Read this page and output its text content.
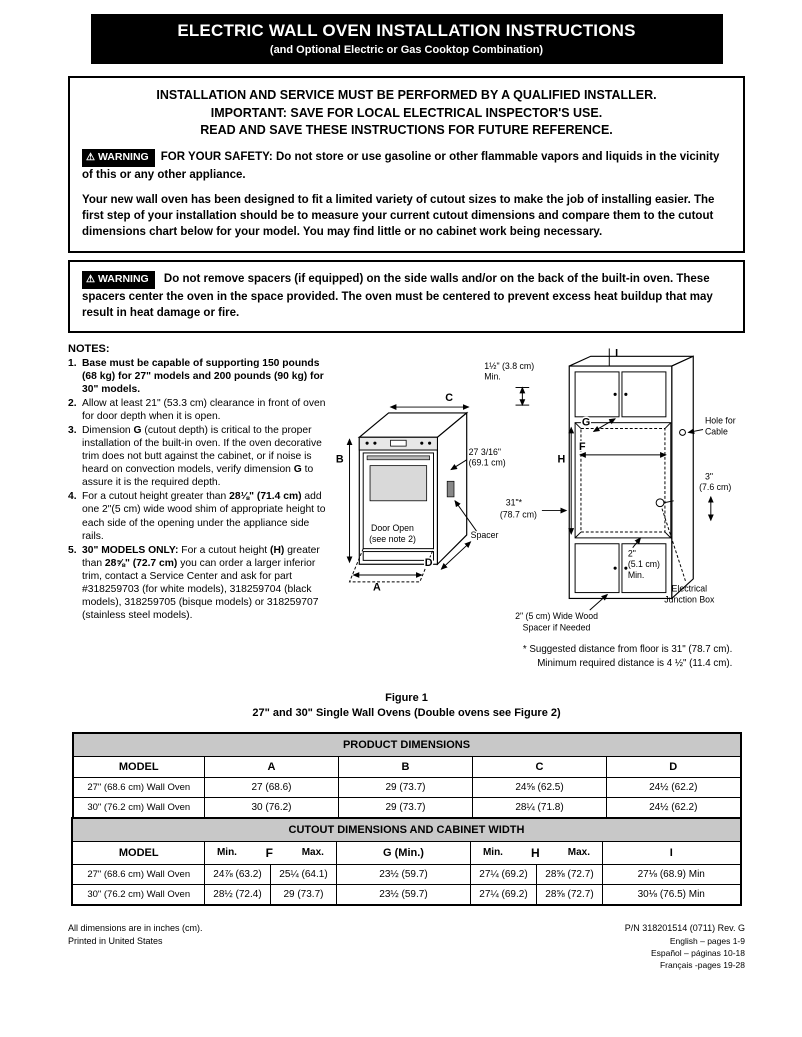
ELECTRIC WALL OVEN INSTALLATION INSTRUCTIONS
(and Optional Electric or Gas Cooktop Combination)
INSTALLATION AND SERVICE MUST BE PERFORMED BY A QUALIFIED INSTALLER.
IMPORTANT: SAVE FOR LOCAL ELECTRICAL INSPECTOR'S USE.
READ AND SAVE THESE INSTRUCTIONS FOR FUTURE REFERENCE.
⚠ WARNING FOR YOUR SAFETY: Do not store or use gasoline or other flammable vapors and liquids in the vicinity of this or any other appliance.
Your new wall oven has been designed to fit a limited variety of cutout sizes to make the job of installing easier. The first step of your installation should be to measure your current cutout dimensions and compare them to the cutout dimensions chart below for your model. You may find little or no cabinet work being necessary.
⚠ WARNING Do not remove spacers (if equipped) on the side walls and/or on the back of the built-in oven. These spacers center the oven in the space provided. The oven must be centered to prevent excess heat buildup that may result in heat damage or fire.
NOTES:
1. Base must be capable of supporting 150 pounds (68 kg) for 27" models and 200 pounds (90 kg) for 30" models.
2. Allow at least 21" (53.3 cm) clearance in front of oven for door depth when it is open.
3. Dimension G (cutout depth) is critical to the proper installation of the built-in oven. If the oven decorative trim does not butt against the cabinet, or if noise is heard on convection models, verify dimension G to assure it is the required depth.
4. For a cutout height greater than 28⅛" (71.4 cm) add one 2"(5 cm) wide wood shim of appropriate height to each side of the opening under the appliance side rails.
5. 30" MODELS ONLY: For a cutout height (H) greater than 28⅝" (72.7 cm) you can order a larger inferior trim, contact a Service Center and ask for part #318259703 (for white models), 318259704 (black models), 318259705 (bisque models) or 318259707 (stainless steel models).
B
C
A
D
27 3/16"
(69.1 cm)
Door Open
(see note 2)	Spacer
I
1½" (3.8 cm)
Min.
G
F
H
Hole for
Cable
3"
(7.6 cm)
31"*
(78.7 cm)
Electrical
Junction Box
2"
(5.1 cm)
Min.
2" (5 cm) Wide Wood
Spacer if Needed
* Suggested distance from floor is 31" (78.7 cm).
Minimum required distance is 4 ½" (11.4 cm).
Figure 1
27" and 30" Single Wall Ovens (Double ovens see Figure 2)
PRODUCT DIMENSIONS				
MODEL	A	B	C	D
27" (68.6 cm) Wall Oven	27 (68.6)	29 (73.7)	24⅝ (62.5)	24½ (62.2)
30" (76.2 cm) Wall Oven	30 (76.2)	29 (73.7)	28¼ (71.8)	24½ (62.2)
CUTOUT DIMENSIONS AND CABINET WIDTH						
MODEL	Min. F Max.		G (Min.)	Min. H Max.		I
27" (68.6 cm) Wall Oven	24⅞ (63.2)	25¼ (64.1)	23½ (59.7)	27¼ (69.2)	28⅝ (72.7)	27⅛ (68.9) Min
30" (76.2 cm) Wall Oven	28½ (72.4)	29 (73.7)	23½ (59.7)	27¼ (69.2)	28⅝ (72.7)	30⅛ (76.5) Min
All dimensions are in inches (cm).
Printed in United States
P/N 318201514 (0711) Rev. G
English – pages 1-9
Español – páginas 10-18
Français -pages 19-28
